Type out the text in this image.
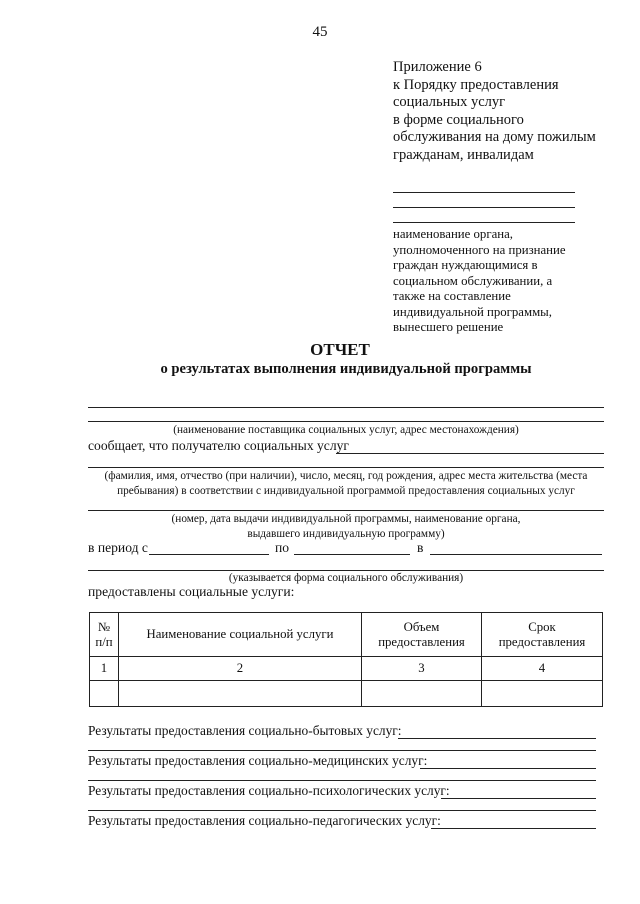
45
Приложение 6
к Порядку предоставления
социальных услуг
в форме социального
обслуживания на дому пожилым
гражданам, инвалидам
наименование органа,
уполномоченного на признание
граждан нуждающимися в
социальном обслуживании, а
также на составление
индивидуальной программы,
вынесшего решение
ОТЧЕТ
о результатах выполнения индивидуальной программы
(наименование поставщика социальных услуг, адрес местонахождения)
сообщает, что получателю социальных услуг
(фамилия, имя, отчество (при наличии), число, месяц, год рождения, адрес места жительства (места
пребывания) в соответствии с индивидуальной программой предоставления социальных услуг
(номер, дата выдачи индивидуальной программы, наименование органа,
выдавшего индивидуальную программу)
в период с	по	в
(указывается форма социального обслуживания)
предоставлены социальные услуги:
№ п/п	Наименование социальной услуги	Объем предоставления	Срок предоставления
1	2	3	4

Результаты предоставления социально-бытовых услуг:
Результаты предоставления социально-медицинских услуг:
Результаты предоставления социально-психологических услуг:
Результаты предоставления социально-педагогических услуг:
